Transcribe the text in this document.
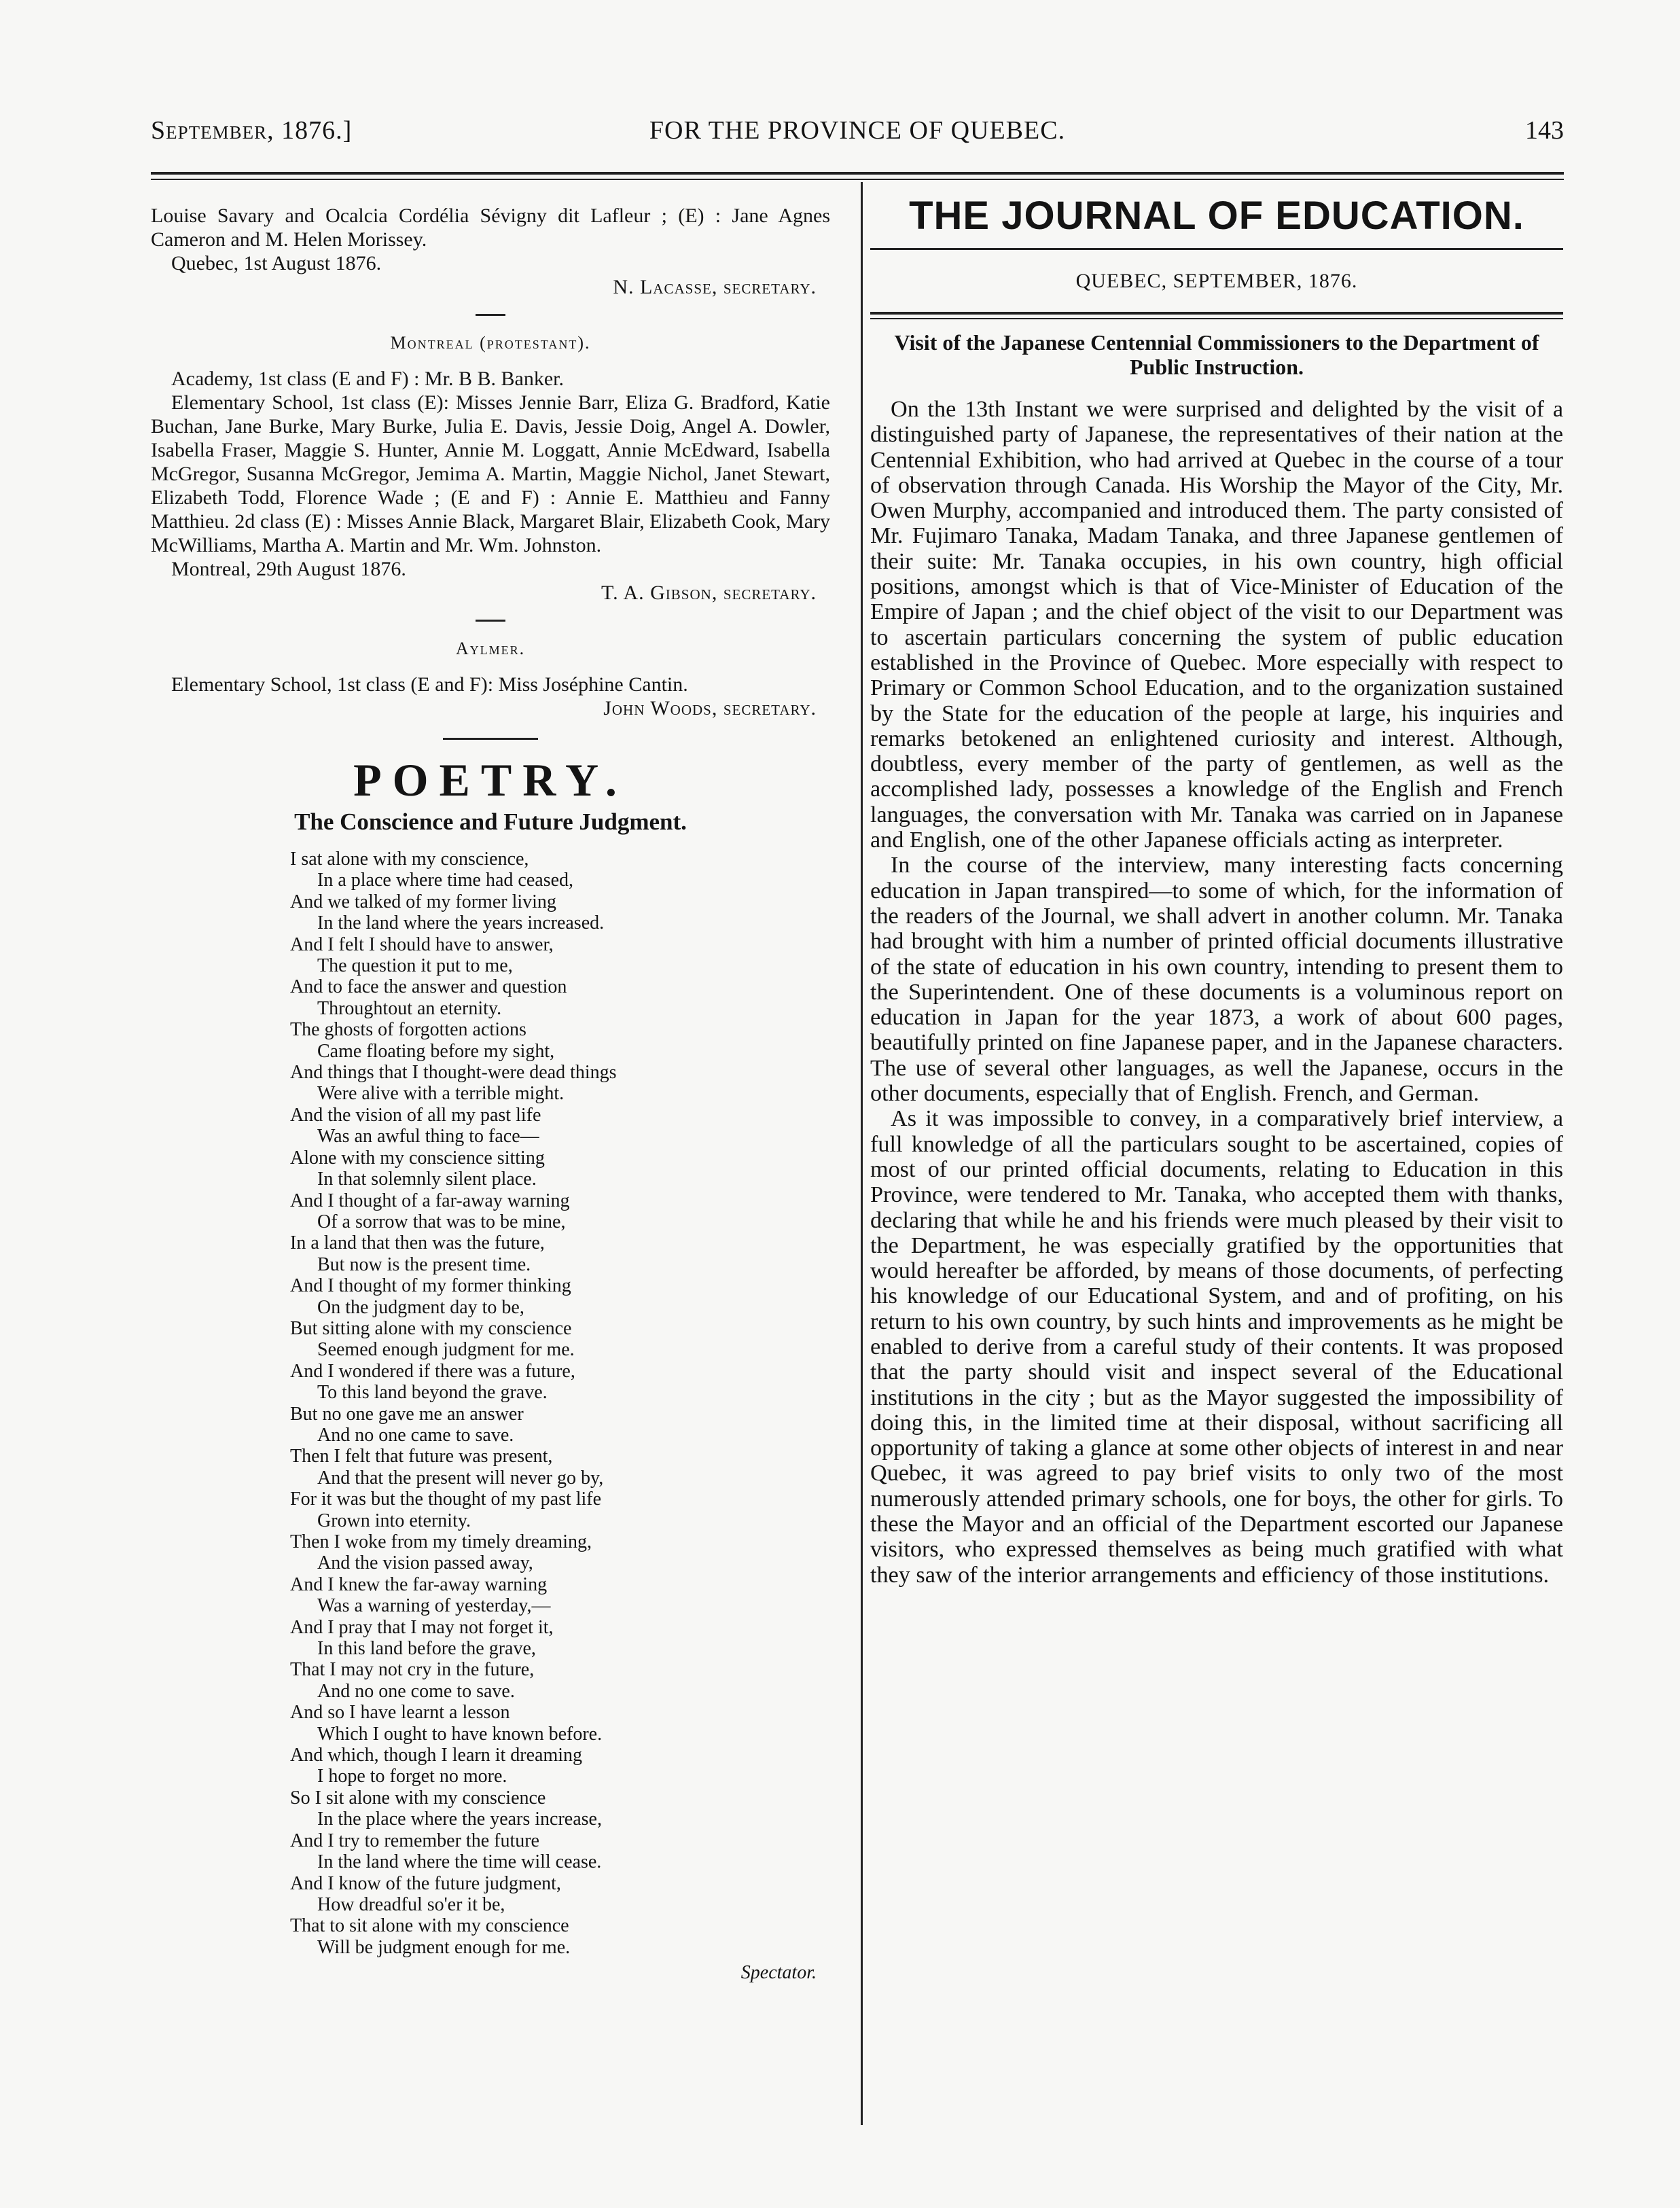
September, 1876.]	FOR THE PROVINCE OF QUEBEC.	143

Louise Savary and Ocalcia Cordélia Sévigny dit Lafleur ; (E) : Jane Agnes Cameron and M. Helen Morissey.

Quebec, 1st August 1876.

N. Lacasse, secretary.

Montreal (protestant).

Academy, 1st class (E and F) : Mr. B B. Banker.

Elementary School, 1st class (E): Misses Jennie Barr, Eliza G. Bradford, Katie Buchan, Jane Burke, Mary Burke, Julia E. Davis, Jessie Doig, Angel A. Dowler, Isabella Fraser, Maggie S. Hunter, Annie M. Loggatt, Annie McEdward, Isabella McGregor, Susanna McGregor, Jemima A. Martin, Maggie Nichol, Janet Stewart, Elizabeth Todd, Florence Wade ; (E and F) : Annie E. Matthieu and Fanny Matthieu. 2d class (E) : Misses Annie Black, Margaret Blair, Elizabeth Cook, Mary McWilliams, Martha A. Martin and Mr. Wm. Johnston.

Montreal, 29th August 1876.

T. A. Gibson, secretary.

Aylmer.

Elementary School, 1st class (E and F): Miss Joséphine Cantin.

John Woods, secretary.

POETRY.
The Conscience and Future Judgment.
I sat alone with my conscience,
In a place where time had ceased,
And we talked of my former living
In the land where the years increased.
And I felt I should have to answer,
The question it put to me,
And to face the answer and question
Throughtout an eternity.
The ghosts of forgotten actions
Came floating before my sight,
And things that I thought-were dead things
Were alive with a terrible might.
And the vision of all my past life
Was an awful thing to face—
Alone with my conscience sitting
In that solemnly silent place.
And I thought of a far-away warning
Of a sorrow that was to be mine,
In a land that then was the future,
But now is the present time.
And I thought of my former thinking
On the judgment day to be,
But sitting alone with my conscience
Seemed enough judgment for me.
And I wondered if there was a future,
To this land beyond the grave.
But no one gave me an answer
And no one came to save.
Then I felt that future was present,
And that the present will never go by,
For it was but the thought of my past life
Grown into eternity.
Then I woke from my timely dreaming,
And the vision passed away,
And I knew the far-away warning
Was a warning of yesterday,—
And I pray that I may not forget it,
In this land before the grave,
That I may not cry in the future,
And no one come to save.
And so I have learnt a lesson
Which I ought to have known before.
And which, though I learn it dreaming
I hope to forget no more.
So I sit alone with my conscience
In the place where the years increase,
And I try to remember the future
In the land where the time will cease.
And I know of the future judgment,
How dreadful so'er it be,
That to sit alone with my conscience
Will be judgment enough for me.
Spectator.
THE JOURNAL OF EDUCATION.
QUEBEC, SEPTEMBER, 1876.
Visit of the Japanese Centennial Commissioners to the Department of Public Instruction.

On the 13th Instant we were surprised and delighted by the visit of a distinguished party of Japanese, the representatives of their nation at the Centennial Exhibition, who had arrived at Quebec in the course of a tour of observation through Canada. His Worship the Mayor of the City, Mr. Owen Murphy, accompanied and introduced them. The party consisted of Mr. Fujimaro Tanaka, Madam Tanaka, and three Japanese gentlemen of their suite: Mr. Tanaka occupies, in his own country, high official positions, amongst which is that of Vice-Minister of Education of the Empire of Japan ; and the chief object of the visit to our Department was to ascertain particulars concerning the system of public education established in the Province of Quebec. More especially with respect to Primary or Common School Education, and to the organization sustained by the State for the education of the people at large, his inquiries and remarks betokened an enlightened curiosity and interest. Although, doubtless, every member of the party of gentlemen, as well as the accomplished lady, possesses a knowledge of the English and French languages, the conversation with Mr. Tanaka was carried on in Japanese and English, one of the other Japanese officials acting as interpreter.

In the course of the interview, many interesting facts concerning education in Japan transpired—to some of which, for the information of the readers of the Journal, we shall advert in another column. Mr. Tanaka had brought with him a number of printed official documents illustrative of the state of education in his own country, intending to present them to the Superintendent. One of these documents is a voluminous report on education in Japan for the year 1873, a work of about 600 pages, beautifully printed on fine Japanese paper, and in the Japanese characters. The use of several other languages, as well the Japanese, occurs in the other documents, especially that of English. French, and German.

As it was impossible to convey, in a comparatively brief interview, a full knowledge of all the particulars sought to be ascertained, copies of most of our printed official documents, relating to Education in this Province, were tendered to Mr. Tanaka, who accepted them with thanks, declaring that while he and his friends were much pleased by their visit to the Department, he was especially gratified by the opportunities that would hereafter be afforded, by means of those documents, of perfecting his knowledge of our Educational System, and and of profiting, on his return to his own country, by such hints and improvements as he might be enabled to derive from a careful study of their contents. It was proposed that the party should visit and inspect several of the Educational institutions in the city ; but as the Mayor suggested the impossibility of doing this, in the limited time at their disposal, without sacrificing all opportunity of taking a glance at some other objects of interest in and near Quebec, it was agreed to pay brief visits to only two of the most numerously attended primary schools, one for boys, the other for girls. To these the Mayor and an official of the Department escorted our Japanese visitors, who expressed themselves as being much gratified with what they saw of the interior arrangements and efficiency of those institutions.
